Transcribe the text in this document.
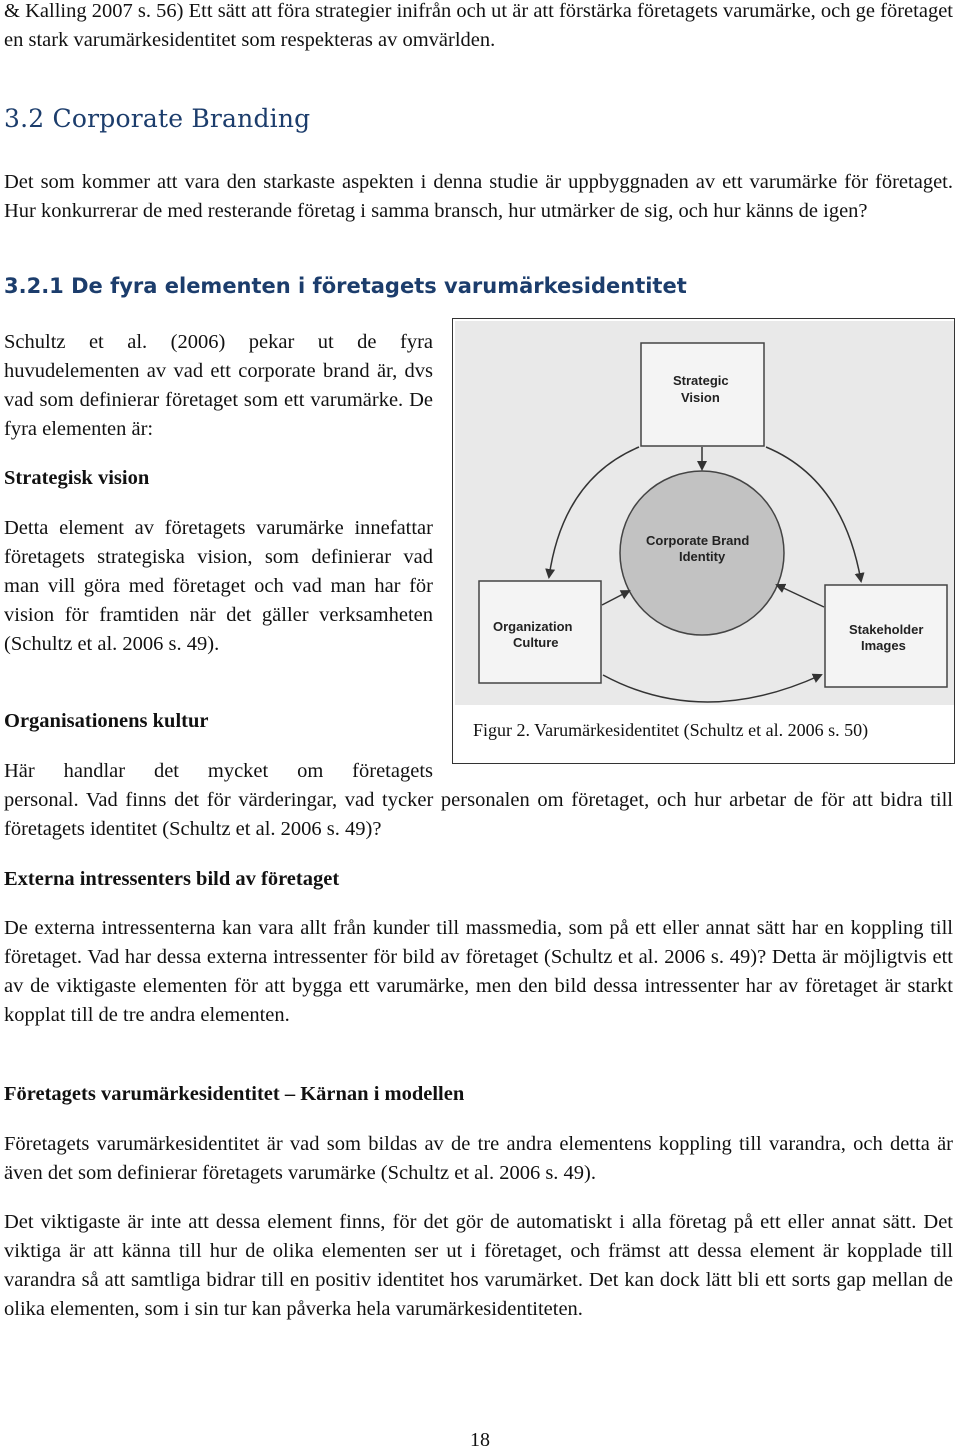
& Kalling 2007 s. 56) Ett sätt att föra strategier inifrån och ut är att förstärka företagets varumärke, och ge företaget en stark varumärkesidentitet som respekteras av omvärlden.

3.2 Corporate Branding

Det som kommer att vara den starkaste aspekten i denna studie är uppbyggnaden av ett varumärke för företaget. Hur konkurrerar de med resterande företag i samma bransch, hur utmärker de sig, och hur känns de igen?

3.2.1 De fyra elementen i företagets varumärkesidentitet

Schultz et al. (2006) pekar ut de fyra huvudelementen av vad ett corporate brand är, dvs vad som definierar företaget som ett varumärke. De fyra elementen är:

Strategisk vision

Detta element av företagets varumärke innefattar företagets strategiska vision, som definierar vad man vill göra med företaget och vad man har för vision för framtiden när det gäller verksamheten (Schultz et al. 2006 s. 49).

Organisationens kultur

Här handlar det mycket om företagets

personal. Vad finns det för värderingar, vad tycker personalen om företaget, och hur arbetar de för att bidra till företagets identitet (Schultz et al. 2006 s. 49)?

Externa intressenters bild av företaget

De externa intressenterna kan vara allt från kunder till massmedia, som på ett eller annat sätt har en koppling till företaget. Vad har dessa externa intressenter för bild av företaget (Schultz et al. 2006 s. 49)? Detta är möjligtvis ett av de viktigaste elementen för att bygga ett varumärke, men den bild dessa intressenter har av företaget är starkt kopplat till de tre andra elementen.

Företagets varumärkesidentitet – Kärnan i modellen

Företagets varumärkesidentitet är vad som bildas av de tre andra elementens koppling till varandra, och detta är även det som definierar företagets varumärke (Schultz et al. 2006 s. 49).

Det viktigaste är inte att dessa element finns, för det gör de automatiskt i alla företag på ett eller annat sätt. Det viktiga är att känna till hur de olika elementen ser ut i företaget, och främst att dessa element är kopplade till varandra så att samtliga bidrar till en positiv identitet hos varumärket. Det kan dock lätt bli ett sorts gap mellan de olika elementen, som i sin tur kan påverka hela varumärkesidentiteten.

Strategic
Vision
Corporate Brand
Identity
Organization
Culture
Stakeholder
Images

Figur 2. Varumärkesidentitet (Schultz et al. 2006 s. 50)

18
